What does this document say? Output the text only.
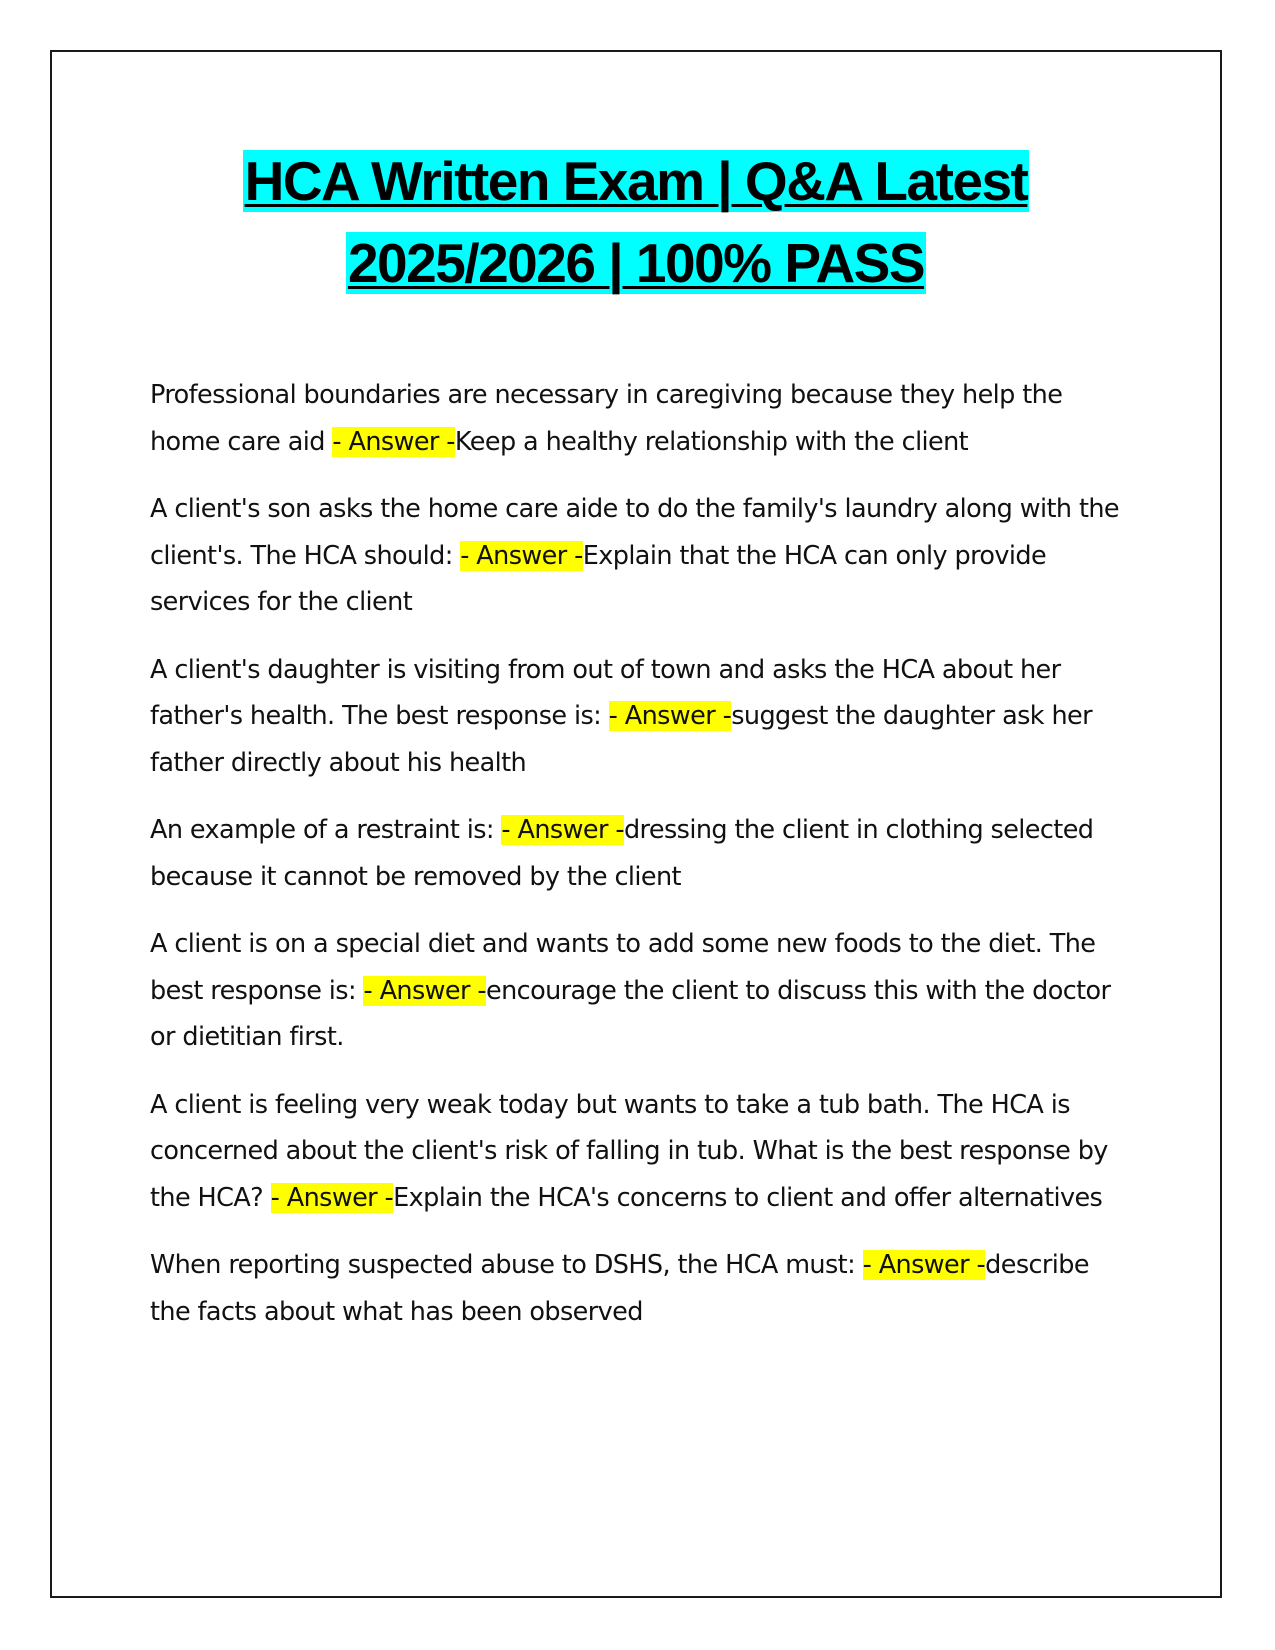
HCA Written Exam | Q&A Latest
2025/2026 | 100% PASS
Professional boundaries are necessary in caregiving because they help the home care aid - Answer -Keep a healthy relationship with the client
A client's son asks the home care aide to do the family's laundry along with the client's. The HCA should: - Answer -Explain that the HCA can only provide services for the client
A client's daughter is visiting from out of town and asks the HCA about her father's health. The best response is: - Answer -suggest the daughter ask her father directly about his health
An example of a restraint is: - Answer -dressing the client in clothing selected because it cannot be removed by the client
A client is on a special diet and wants to add some new foods to the diet. The best response is: - Answer -encourage the client to discuss this with the doctor or dietitian first.
A client is feeling very weak today but wants to take a tub bath. The HCA is concerned about the client's risk of falling in tub. What is the best response by the HCA? - Answer -Explain the HCA's concerns to client and offer alternatives
When reporting suspected abuse to DSHS, the HCA must: - Answer -describe the facts about what has been observed
